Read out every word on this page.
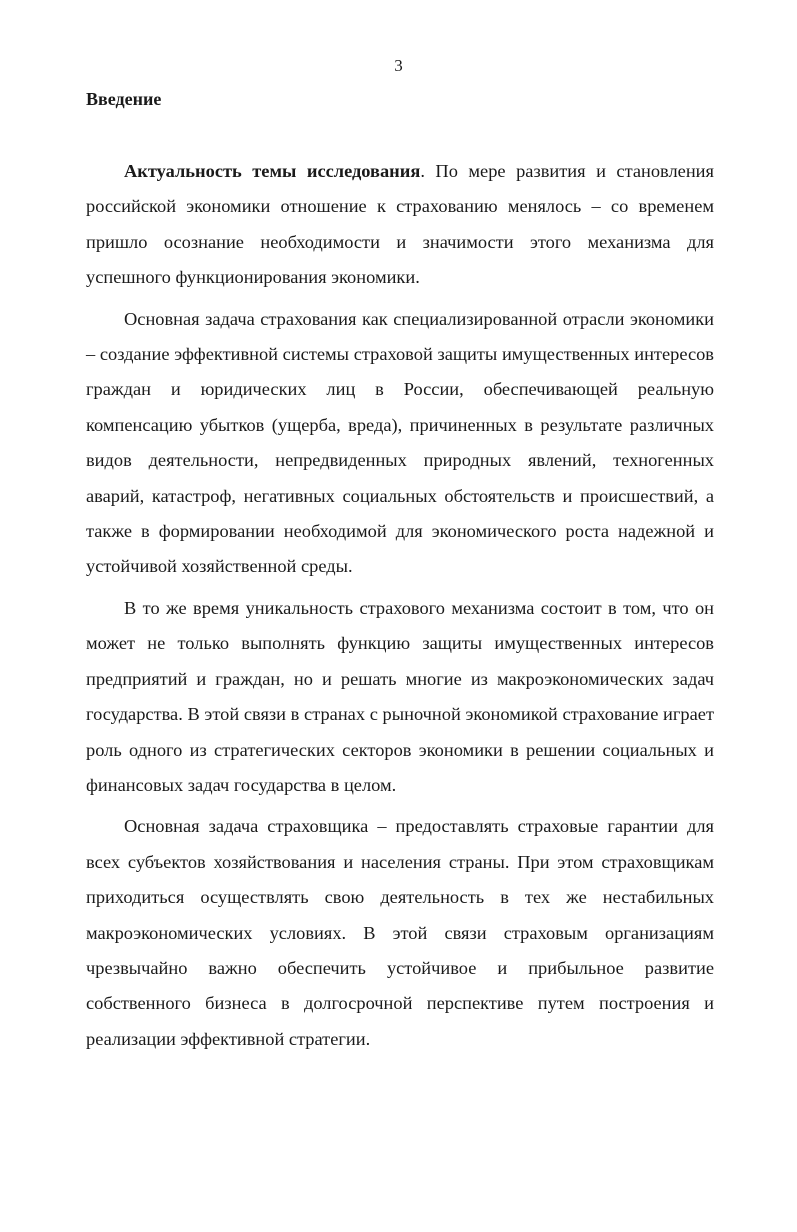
3
Введение

Актуальность темы исследования. По мере развития и становления российской экономики отношение к страхованию менялось – со временем пришло осознание необходимости и значимости этого механизма для успешного функционирования экономики.

Основная задача страхования как специализированной отрасли экономики – создание эффективной системы страховой защиты имущественных интересов граждан и юридических лиц в России, обеспечивающей реальную компенсацию убытков (ущерба, вреда), причиненных в результате различных видов деятельности, непредвиденных природных явлений, техногенных аварий, катастроф, негативных социальных обстоятельств и происшествий, а также в формировании необходимой для экономического роста надежной и устойчивой хозяйственной среды.

В то же время уникальность страхового механизма состоит в том, что он может не только выполнять функцию защиты имущественных интересов предприятий и граждан, но и решать многие из макроэкономических задач государства. В этой связи в странах с рыночной экономикой страхование играет роль одного из стратегических секторов экономики в решении социальных и финансовых задач государства в целом.

Основная задача страховщика – предоставлять страховые гарантии для всех субъектов хозяйствования и населения страны. При этом страховщикам приходиться осуществлять свою деятельность в тех же нестабильных макроэкономических условиях. В этой связи страховым организациям чрезвычайно важно обеспечить устойчивое и прибыльное развитие собственного бизнеса в долгосрочной перспективе путем построения и реализации эффективной стратегии.
